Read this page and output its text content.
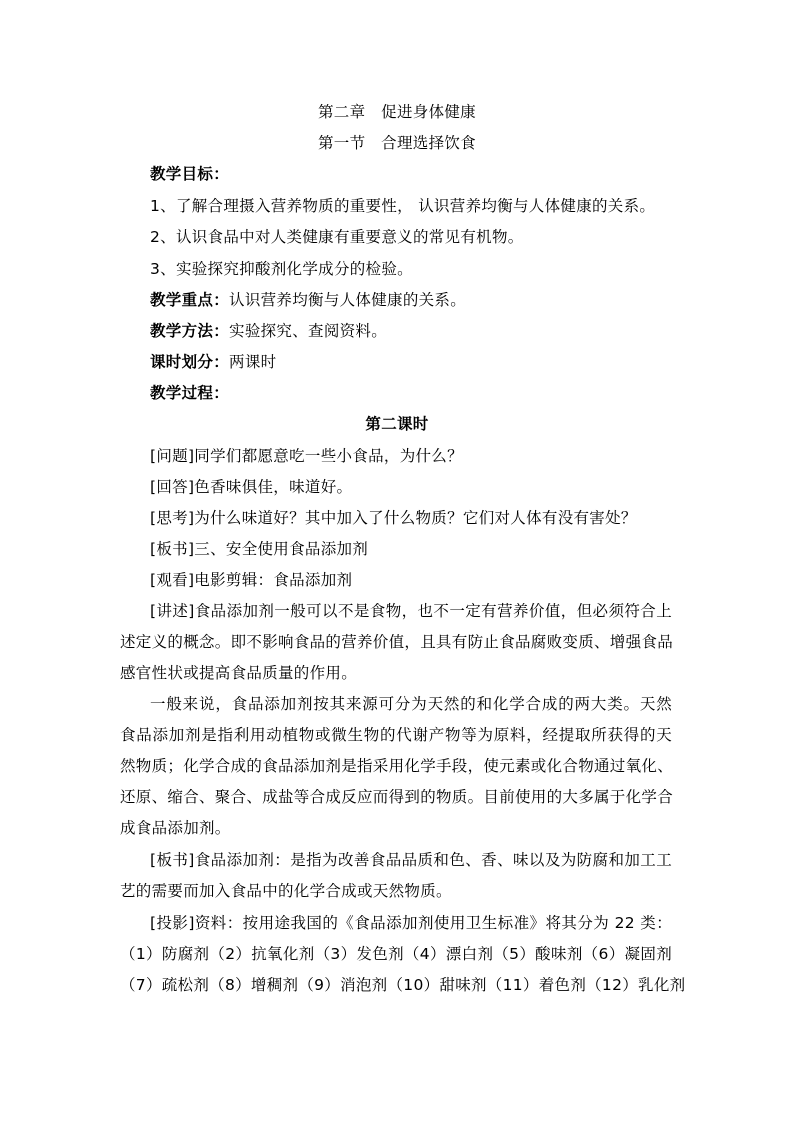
第二章　促进身体健康
第一节　合理选择饮食
教学目标：
1、了解合理摄入营养物质的重要性， 认识营养均衡与人体健康的关系。
2、认识食品中对人类健康有重要意义的常见有机物。
3、实验探究抑酸剂化学成分的检验。
教学重点：认识营养均衡与人体健康的关系。
教学方法：实验探究、查阅资料。
课时划分：两课时
教学过程：
第二课时
[问题]同学们都愿意吃一些小食品，为什么？
[回答]色香味俱佳，味道好。
[思考]为什么味道好？其中加入了什么物质？它们对人体有没有害处？
[板书]三、安全使用食品添加剂
[观看]电影剪辑：食品添加剂
[讲述]食品添加剂一般可以不是食物，也不一定有营养价值，但必须符合上
述定义的概念。即不影响食品的营养价值，且具有防止食品腐败变质、增强食品
感官性状或提高食品质量的作用。
一般来说，食品添加剂按其来源可分为天然的和化学合成的两大类。天然
食品添加剂是指利用动植物或微生物的代谢产物等为原料，经提取所获得的天
然物质；化学合成的食品添加剂是指采用化学手段，使元素或化合物通过氧化、
还原、缩合、聚合、成盐等合成反应而得到的物质。目前使用的大多属于化学合
成食品添加剂。
[板书]食品添加剂：是指为改善食品品质和色、香、味以及为防腐和加工工
艺的需要而加入食品中的化学合成或天然物质。
[投影]资料：按用途我国的《食品添加剂使用卫生标准》将其分为 22 类：
（1）防腐剂（2）抗氧化剂（3）发色剂（4）漂白剂（5）酸味剂（6）凝固剂
（7）疏松剂（8）增稠剂（9）消泡剂（10）甜味剂（11）着色剂（12）乳化剂
